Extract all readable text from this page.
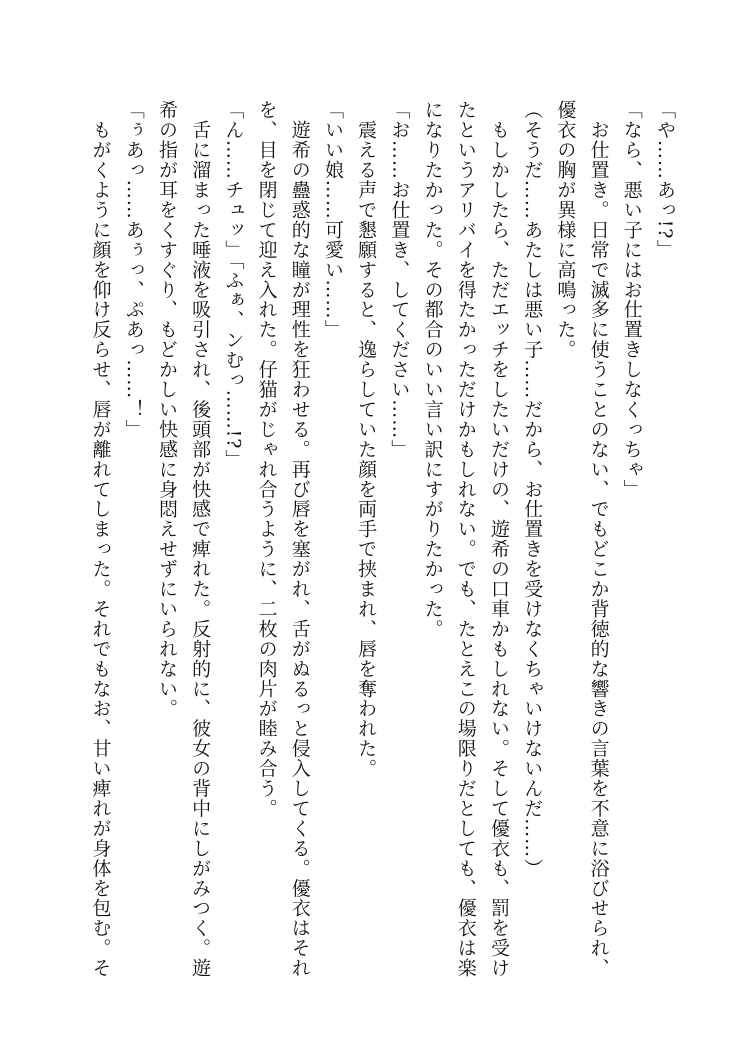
「や……あっ!?」

「なら、悪い子にはお仕置きしなくっちゃ」

　お仕置き。日常で滅多に使うことのない、でもどこか背徳的な響きの言葉を不意に浴びせられ、

優衣の胸が異様に高鳴った。

（そうだ……あたしは悪い子……だから、お仕置きを受けなくちゃいけないんだ……）

　もしかしたら、ただエッチをしたいだけの、遊希の口車かもしれない。そして優衣も、罰を受け

たというアリバイを得たかっただけかもしれない。でも、たとえこの場限りだとしても、優衣は楽

になりたかった。その都合のいい言い訳にすがりたかった。

「お……お仕置き、してください……」

　震える声で懇願すると、逸らしていた顔を両手で挟まれ、唇を奪われた。

「いい娘……可愛い……」

　遊希の蠱惑的な瞳が理性を狂わせる。再び唇を塞がれ、舌がぬるっと侵入してくる。優衣はそれ

を、目を閉じて迎え入れた。仔猫がじゃれ合うように、二枚の肉片が睦み合う。

「ん……チュッ」「ふぁ、ンむっ……!?」

　舌に溜まった唾液を吸引され、後頭部が快感で痺れた。反射的に、彼女の背中にしがみつく。遊

希の指が耳をくすぐり、もどかしい快感に身悶えせずにいられない。

「ぅあっ……あぅっ、ぷあっ……！」

　もがくように顔を仰け反らせ、唇が離れてしまった。それでもなお、甘い痺れが身体を包む。そ
